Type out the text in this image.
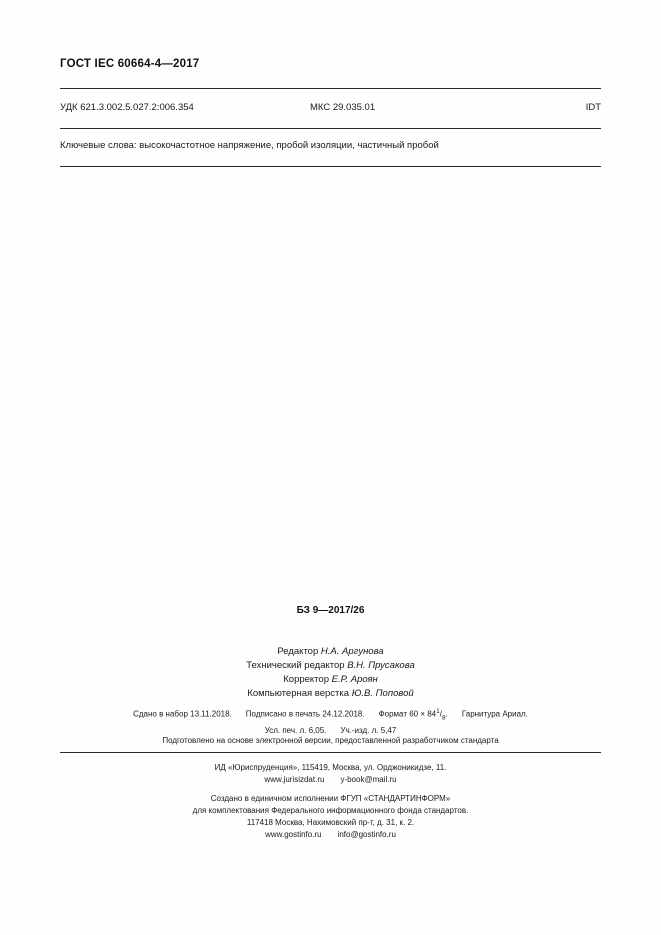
ГОСТ IEC 60664-4—2017
УДК 621.3.002.5.027.2:006.354	МКС 29.035.01	IDT
Ключевые слова: высокочастотное напряжение, пробой изоляции, частичный пробой
БЗ 9—2017/26
Редактор Н.А. Аргунова
Технический редактор В.Н. Прусакова
Корректор Е.Р. Ароян
Компьютерная верстка Ю.В. Поповой
Сдано в набор 13.11.2018. Подписано в печать 24.12.2018. Формат $60 \times 84^1/_8$. Гарнитура Ариал.
Усл. печ. л. 6,05. Уч.-изд. л. 5,47
Подготовлено на основе электронной версии, предоставленной разработчиком стандарта
ИД «Юриспруденция», 115419, Москва, ул. Орджоникидзе, 11.
www.jurisizdat.ru y-book@mail.ru
Создано в единичном исполнении ФГУП «СТАНДАРТИНФОРМ»
для комплектования Федерального информационного фонда стандартов.
117418 Москва, Нахимовский пр-т, д. 31, к. 2.
www.gostinfo.ru info@gostinfo.ru
